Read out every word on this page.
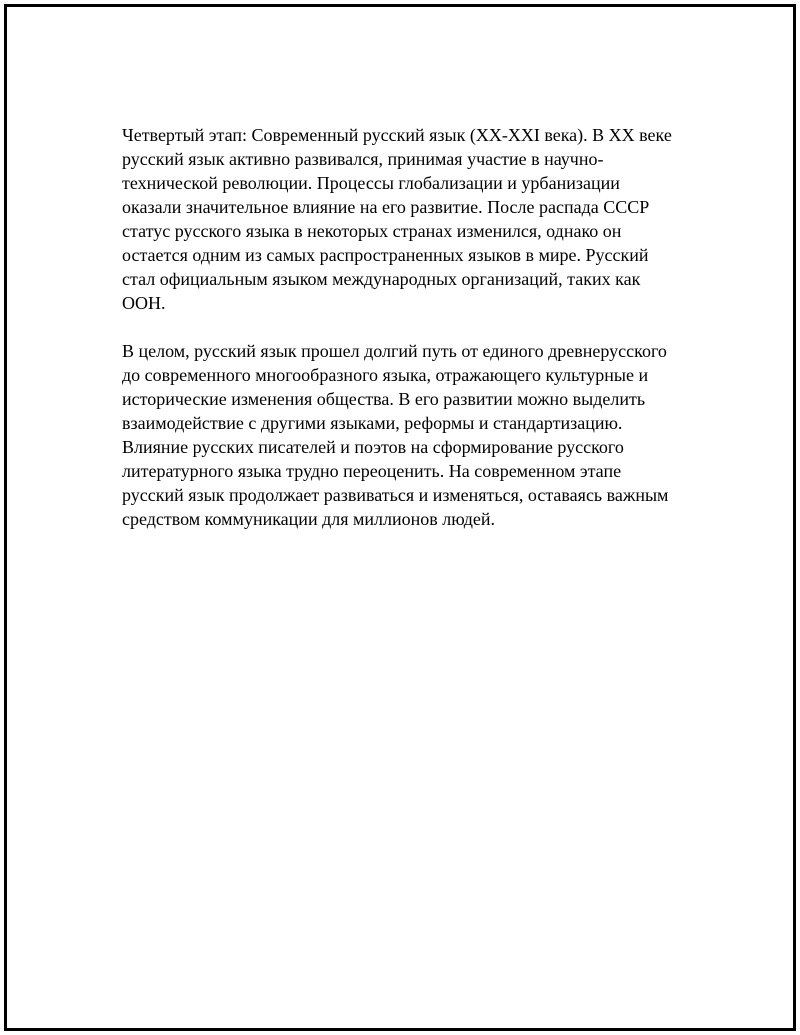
Четвертый этап: Современный русский язык (XX-XXI века). В XX веке
русский язык активно развивался, принимая участие в научно-
технической революции. Процессы глобализации и урбанизации
оказали значительное влияние на его развитие. После распада СССР
статус русского языка в некоторых странах изменился, однако он
остается одним из самых распространенных языков в мире. Русский
стал официальным языком международных организаций, таких как
ООН.

В целом, русский язык прошел долгий путь от единого древнерусского
до современного многообразного языка, отражающего культурные и
исторические изменения общества. В его развитии можно выделить
взаимодействие с другими языками, реформы и стандартизацию.
Влияние русских писателей и поэтов на сформирование русского
литературного языка трудно переоценить. На современном этапе
русский язык продолжает развиваться и изменяться, оставаясь важным
средством коммуникации для миллионов людей.
